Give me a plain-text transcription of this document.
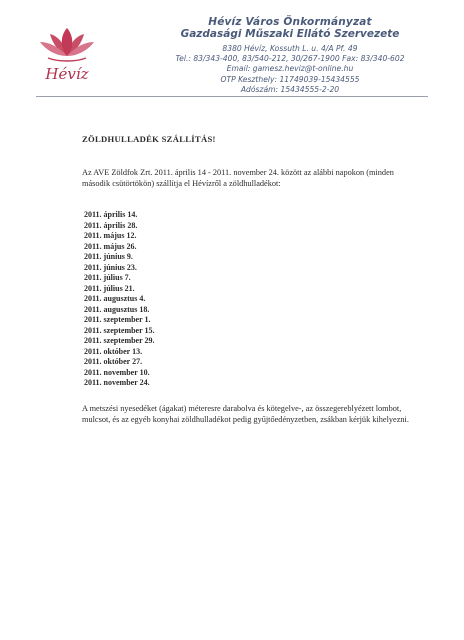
Hévíz
Hévíz Város Önkormányzat
Gazdasági Műszaki Ellátó Szervezete
8380 Hévíz, Kossuth L. u. 4/A Pf. 49
Tel.: 83/343-400, 83/540-212, 30/267-1900 Fax: 83/340-602
Email: gamesz.heviz@t-online.hu
OTP Keszthely: 11749039-15434555
Adószám: 15434555-2-20
ZÖLDHULLADÉK SZÁLLÍTÁS!
Az AVE Zöldfok Zrt. 2011. április 14 - 2011. november 24. között az alábbi napokon (minden második csütörtökön) szállítja el Hévízről a zöldhulladékot:
2011. április 14.
2011. április 28.
2011. május 12.
2011. május 26.
2011. június 9.
2011. június 23.
2011. július 7.
2011. július 21.
2011. augusztus 4.
2011. augusztus 18.
2011. szeptember 1.
2011. szeptember 15.
2011. szeptember 29.
2011. október 13.
2011. október 27.
2011. november 10.
2011. november 24.
A metszési nyesedéket (ágakat) méteresre darabolva és kötegelve-, az összegereblyézett lombot, mulcsot, és az egyéb konyhai zöldhulladékot pedig gyűjtőedényzetben, zsákban kérjük kihelyezni.
